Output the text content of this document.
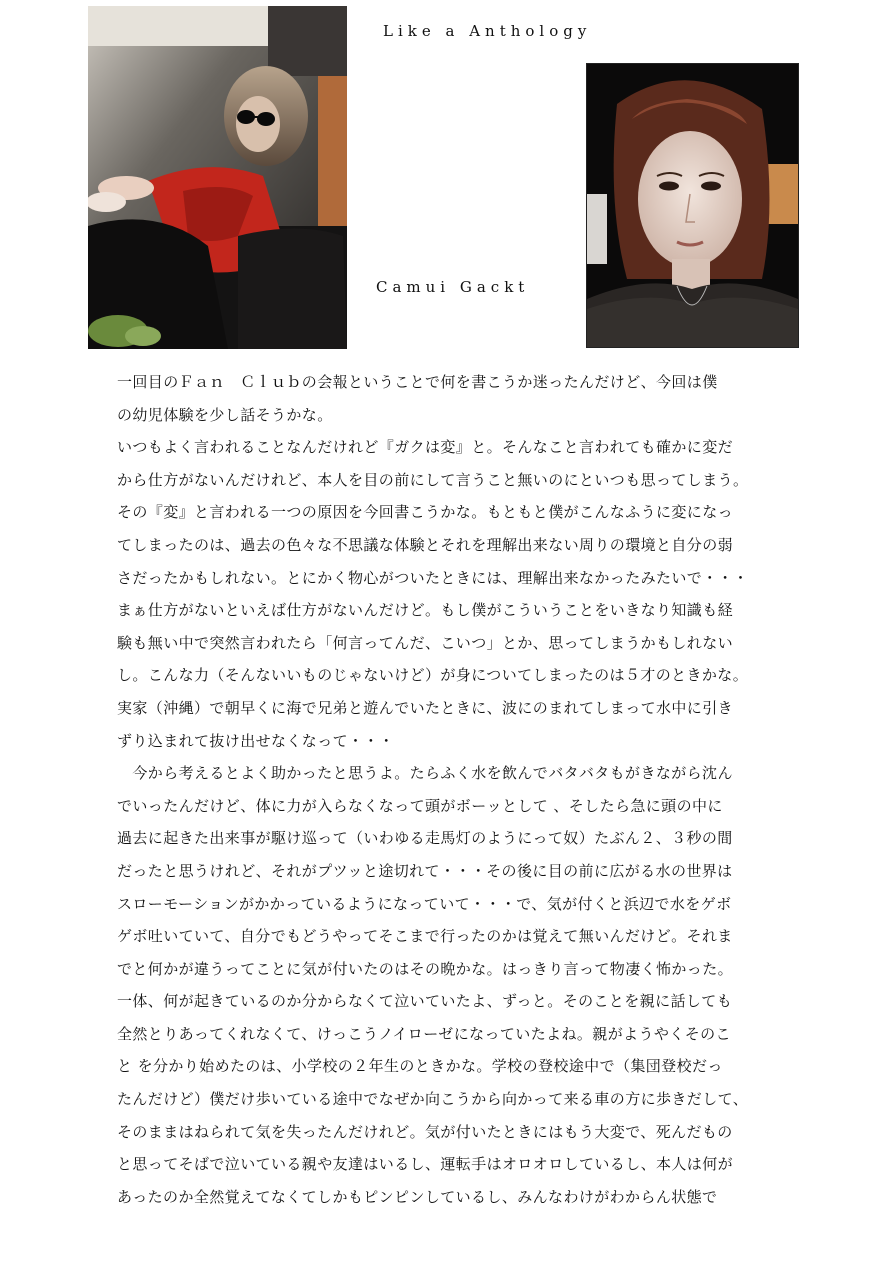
Like a Anthology
Camui Gackt
一回目のＦａｎ　Ｃｌｕｂの会報ということで何を書こうか迷ったんだけど、今回は僕
の幼児体験を少し話そうかな。
いつもよく言われることなんだけれど『ガクは変』と。そんなこと言われても確かに変だ
から仕方がないんだけれど、本人を目の前にして言うこと無いのにといつも思ってしまう。
その『変』と言われる一つの原因を今回書こうかな。もともと僕がこんなふうに変になっ
てしまったのは、過去の色々な不思議な体験とそれを理解出来ない周りの環境と自分の弱
さだったかもしれない。とにかく物心がついたときには、理解出来なかったみたいで・・・
まぁ仕方がないといえば仕方がないんだけど。もし僕がこういうことをいきなり知識も経
験も無い中で突然言われたら「何言ってんだ、こいつ」とか、思ってしまうかもしれない
し。こんな力（そんないいものじゃないけど）が身についてしまったのは５才のときかな。
実家（沖縄）で朝早くに海で兄弟と遊んでいたときに、波にのまれてしまって水中に引き
ずり込まれて抜け出せなくなって・・・
　今から考えるとよく助かったと思うよ。たらふく水を飲んでバタバタもがきながら沈ん
でいったんだけど、体に力が入らなくなって頭がボーッとして 、そしたら急に頭の中に
過去に起きた出来事が駆け巡って（いわゆる走馬灯のようにって奴）たぶん２、３秒の間
だったと思うけれど、それがプツッと途切れて・・・その後に目の前に広がる水の世界は
スローモーションがかかっているようになっていて・・・で、気が付くと浜辺で水をゲボ
ゲボ吐いていて、自分でもどうやってそこまで行ったのかは覚えて無いんだけど。それま
でと何かが違うってことに気が付いたのはその晩かな。はっきり言って物凄く怖かった。
一体、何が起きているのか分からなくて泣いていたよ、ずっと。そのことを親に話しても
全然とりあってくれなくて、けっこうノイローゼになっていたよね。親がようやくそのこ
と を分かり始めたのは、小学校の２年生のときかな。学校の登校途中で（集団登校だっ
たんだけど）僕だけ歩いている途中でなぜか向こうから向かって来る車の方に歩きだして、
そのままはねられて気を失ったんだけれど。気が付いたときにはもう大変で、死んだもの
と思ってそばで泣いている親や友達はいるし、運転手はオロオロしているし、本人は何が
あったのか全然覚えてなくてしかもピンピンしているし、みんなわけがわからん状態で
